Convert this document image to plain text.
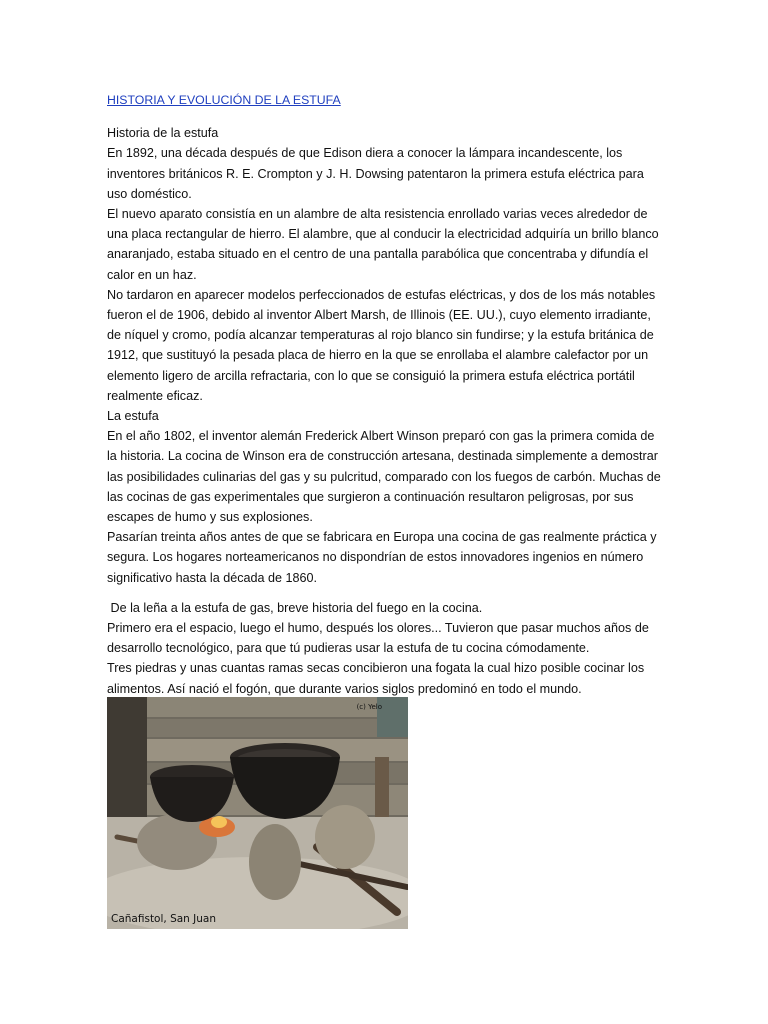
HISTORIA Y EVOLUCIÓN DE LA ESTUFA

Historia de la estufa

En 1892, una década después de que Edison diera a conocer la lámpara incandescente, los inventores británicos R. E. Crompton y J. H. Dowsing patentaron la primera estufa eléctrica para uso doméstico.

El nuevo aparato consistía en un alambre de alta resistencia enrollado varias veces alrededor de una placa rectangular de hierro. El alambre, que al conducir la electricidad adquiría un brillo blanco anaranjado, estaba situado en el centro de una pantalla parabólica que concentraba y difundía el calor en un haz.

No tardaron en aparecer modelos perfeccionados de estufas eléctricas, y dos de los más notables fueron el de 1906, debido al inventor Albert Marsh, de Illinois (EE. UU.), cuyo elemento irradiante, de níquel y cromo, podía alcanzar temperaturas al rojo blanco sin fundirse; y la estufa británica de 1912, que sustituyó la pesada placa de hierro en la que se enrollaba el alambre calefactor por un elemento ligero de arcilla refractaria, con lo que se consiguió la primera estufa eléctrica portátil realmente eficaz.

La estufa

En el año 1802, el inventor alemán Frederick Albert Winson preparó con gas la primera comida de la historia. La cocina de Winson era de construcción artesana, destinada simplemente a demostrar las posibilidades culinarias del gas y su pulcritud, comparado con los fuegos de carbón. Muchas de las cocinas de gas experimentales que surgieron a continuación resultaron peligrosas, por sus escapes de humo y sus explosiones.

Pasarían treinta años antes de que se fabricara en Europa una cocina de gas realmente práctica y segura. Los hogares norteamericanos no dispondrían de estos innovadores ingenios en número significativo hasta la década de 1860.

De la leña a la estufa de gas, breve historia del fuego en la cocina.

Primero era el espacio, luego el humo, después los olores... Tuvieron que pasar muchos años de desarrollo tecnológico, para que tú pudieras usar la estufa de tu cocina cómodamente.

Tres piedras y unas cuantas ramas secas concibieron una fogata la cual hizo posible cocinar los alimentos. Así nació el fogón, que durante varios siglos predominó en todo el mundo.

(c) Yelo
Cañafistol, San Juan
